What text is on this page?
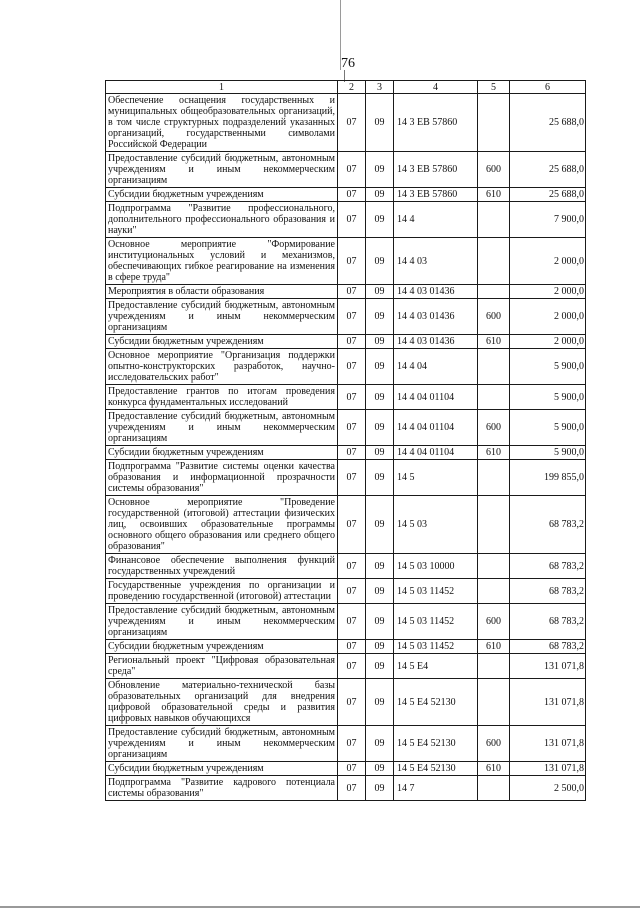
76
1	2	3	4	5	6
Обеспечение оснащения государственных и муниципальных общеобразовательных организаций, в том числе структурных подразделений указанных организаций, государственными символами Российской Федерации	07	09	14 3 EB 57860		25 688,0
Предоставление субсидий бюджетным, автономным учреждениям и иным некоммерческим организациям	07	09	14 3 EB 57860	600	25 688,0
Субсидии бюджетным учреждениям	07	09	14 3 EB 57860	610	25 688,0
Подпрограмма "Развитие профессионального, дополнительного профессионального образования и науки"	07	09	14 4		7 900,0
Основное мероприятие "Формирование институциональных условий и механизмов, обеспечивающих гибкое реагирование на изменения в сфере труда"	07	09	14 4 03		2 000,0
Мероприятия в области образования	07	09	14 4 03 01436		2 000,0
Предоставление субсидий бюджетным, автономным учреждениям и иным некоммерческим организациям	07	09	14 4 03 01436	600	2 000,0
Субсидии бюджетным учреждениям	07	09	14 4 03 01436	610	2 000,0
Основное мероприятие "Организация поддержки опытно-конструкторских разработок, научно-исследовательских работ"	07	09	14 4 04		5 900,0
Предоставление грантов по итогам проведения конкурса фундаментальных исследований	07	09	14 4 04 01104		5 900,0
Предоставление субсидий бюджетным, автономным учреждениям и иным некоммерческим организациям	07	09	14 4 04 01104	600	5 900,0
Субсидии бюджетным учреждениям	07	09	14 4 04 01104	610	5 900,0
Подпрограмма "Развитие системы оценки качества образования и информационной прозрачности системы образования"	07	09	14 5		199 855,0
Основное мероприятие "Проведение государственной (итоговой) аттестации физических лиц, освоивших образовательные программы основного общего образования или среднего общего образования"	07	09	14 5 03		68 783,2
Финансовое обеспечение выполнения функций государственных учреждений	07	09	14 5 03 10000		68 783,2
Государственные учреждения по организации и проведению государственной (итоговой) аттестации	07	09	14 5 03 11452		68 783,2
Предоставление субсидий бюджетным, автономным учреждениям и иным некоммерческим организациям	07	09	14 5 03 11452	600	68 783,2
Субсидии бюджетным учреждениям	07	09	14 5 03 11452	610	68 783,2
Региональный проект "Цифровая образовательная среда"	07	09	14 5 E4		131 071,8
Обновление материально-технической базы образовательных организаций для внедрения цифровой образовательной среды и развития цифровых навыков обучающихся	07	09	14 5 E4 52130		131 071,8
Предоставление субсидий бюджетным, автономным учреждениям и иным некоммерческим организациям	07	09	14 5 E4 52130	600	131 071,8
Субсидии бюджетным учреждениям	07	09	14 5 E4 52130	610	131 071,8
Подпрограмма "Развитие кадрового потенциала системы образования"	07	09	14 7		2 500,0
